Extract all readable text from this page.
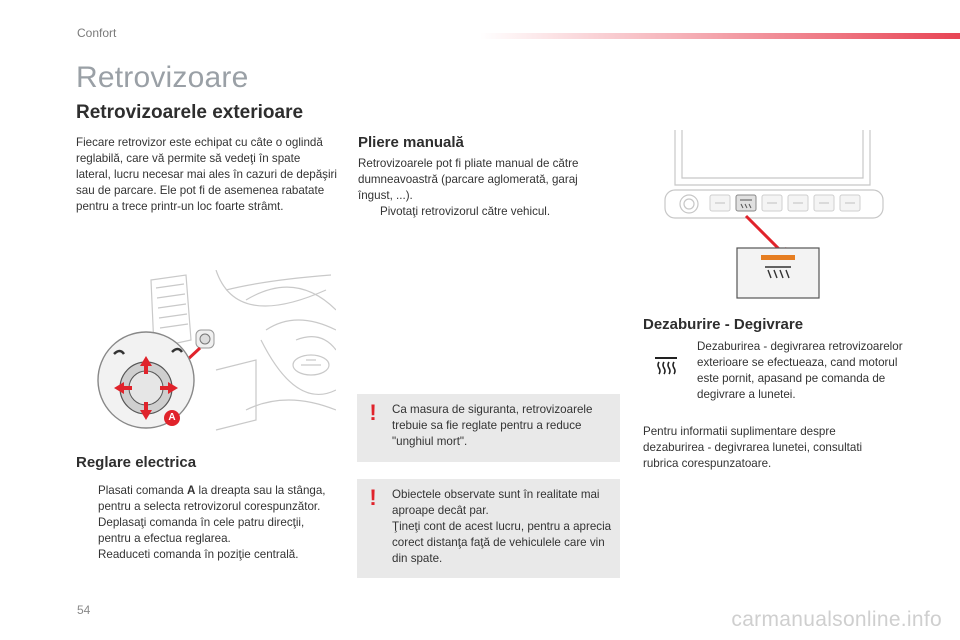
Confort
Retrovizoare
Retrovizoarele exterioare
Fiecare retrovizor este echipat cu câte o oglindă reglabilă, care vă permite să vedeţi în spate lateral, lucru necesar mai ales în cazuri de depăşiri sau de parcare. Ele pot fi de asemenea rabatate pentru a trece printr-un loc foarte strâmt.
A
Reglare electrica
Plasati comanda A la dreapta sau la stânga, pentru a selecta retrovizorul corespunzător.
Deplasaţi comanda în cele patru direcţii, pentru a efectua reglarea.
Readuceti comanda în poziţie centrală.
Pliere manuală
Retrovizoarele pot fi pliate manual de către dumneavoastră (parcare aglomerată, garaj îngust, ...).
Pivotaţi retrovizorul către vehicul.
! Ca masura de siguranta, retrovizoarele trebuie sa fie reglate pentru a reduce "unghiul mort".
! Obiectele observate sunt în realitate mai aproape decât par.
Ţineţi cont de acest lucru, pentru a aprecia corect distanţa faţă de vehiculele care vin din spate.
Dezaburire - Degivrare
Dezaburirea - degivrarea retrovizoarelor exterioare se efectueaza, cand motorul este pornit, apasand pe comanda de degivrare a lunetei.
Pentru informatii suplimentare despre dezaburirea - degivrarea lunetei, consultati rubrica corespunzatoare.
54	carmanualsonline.info
